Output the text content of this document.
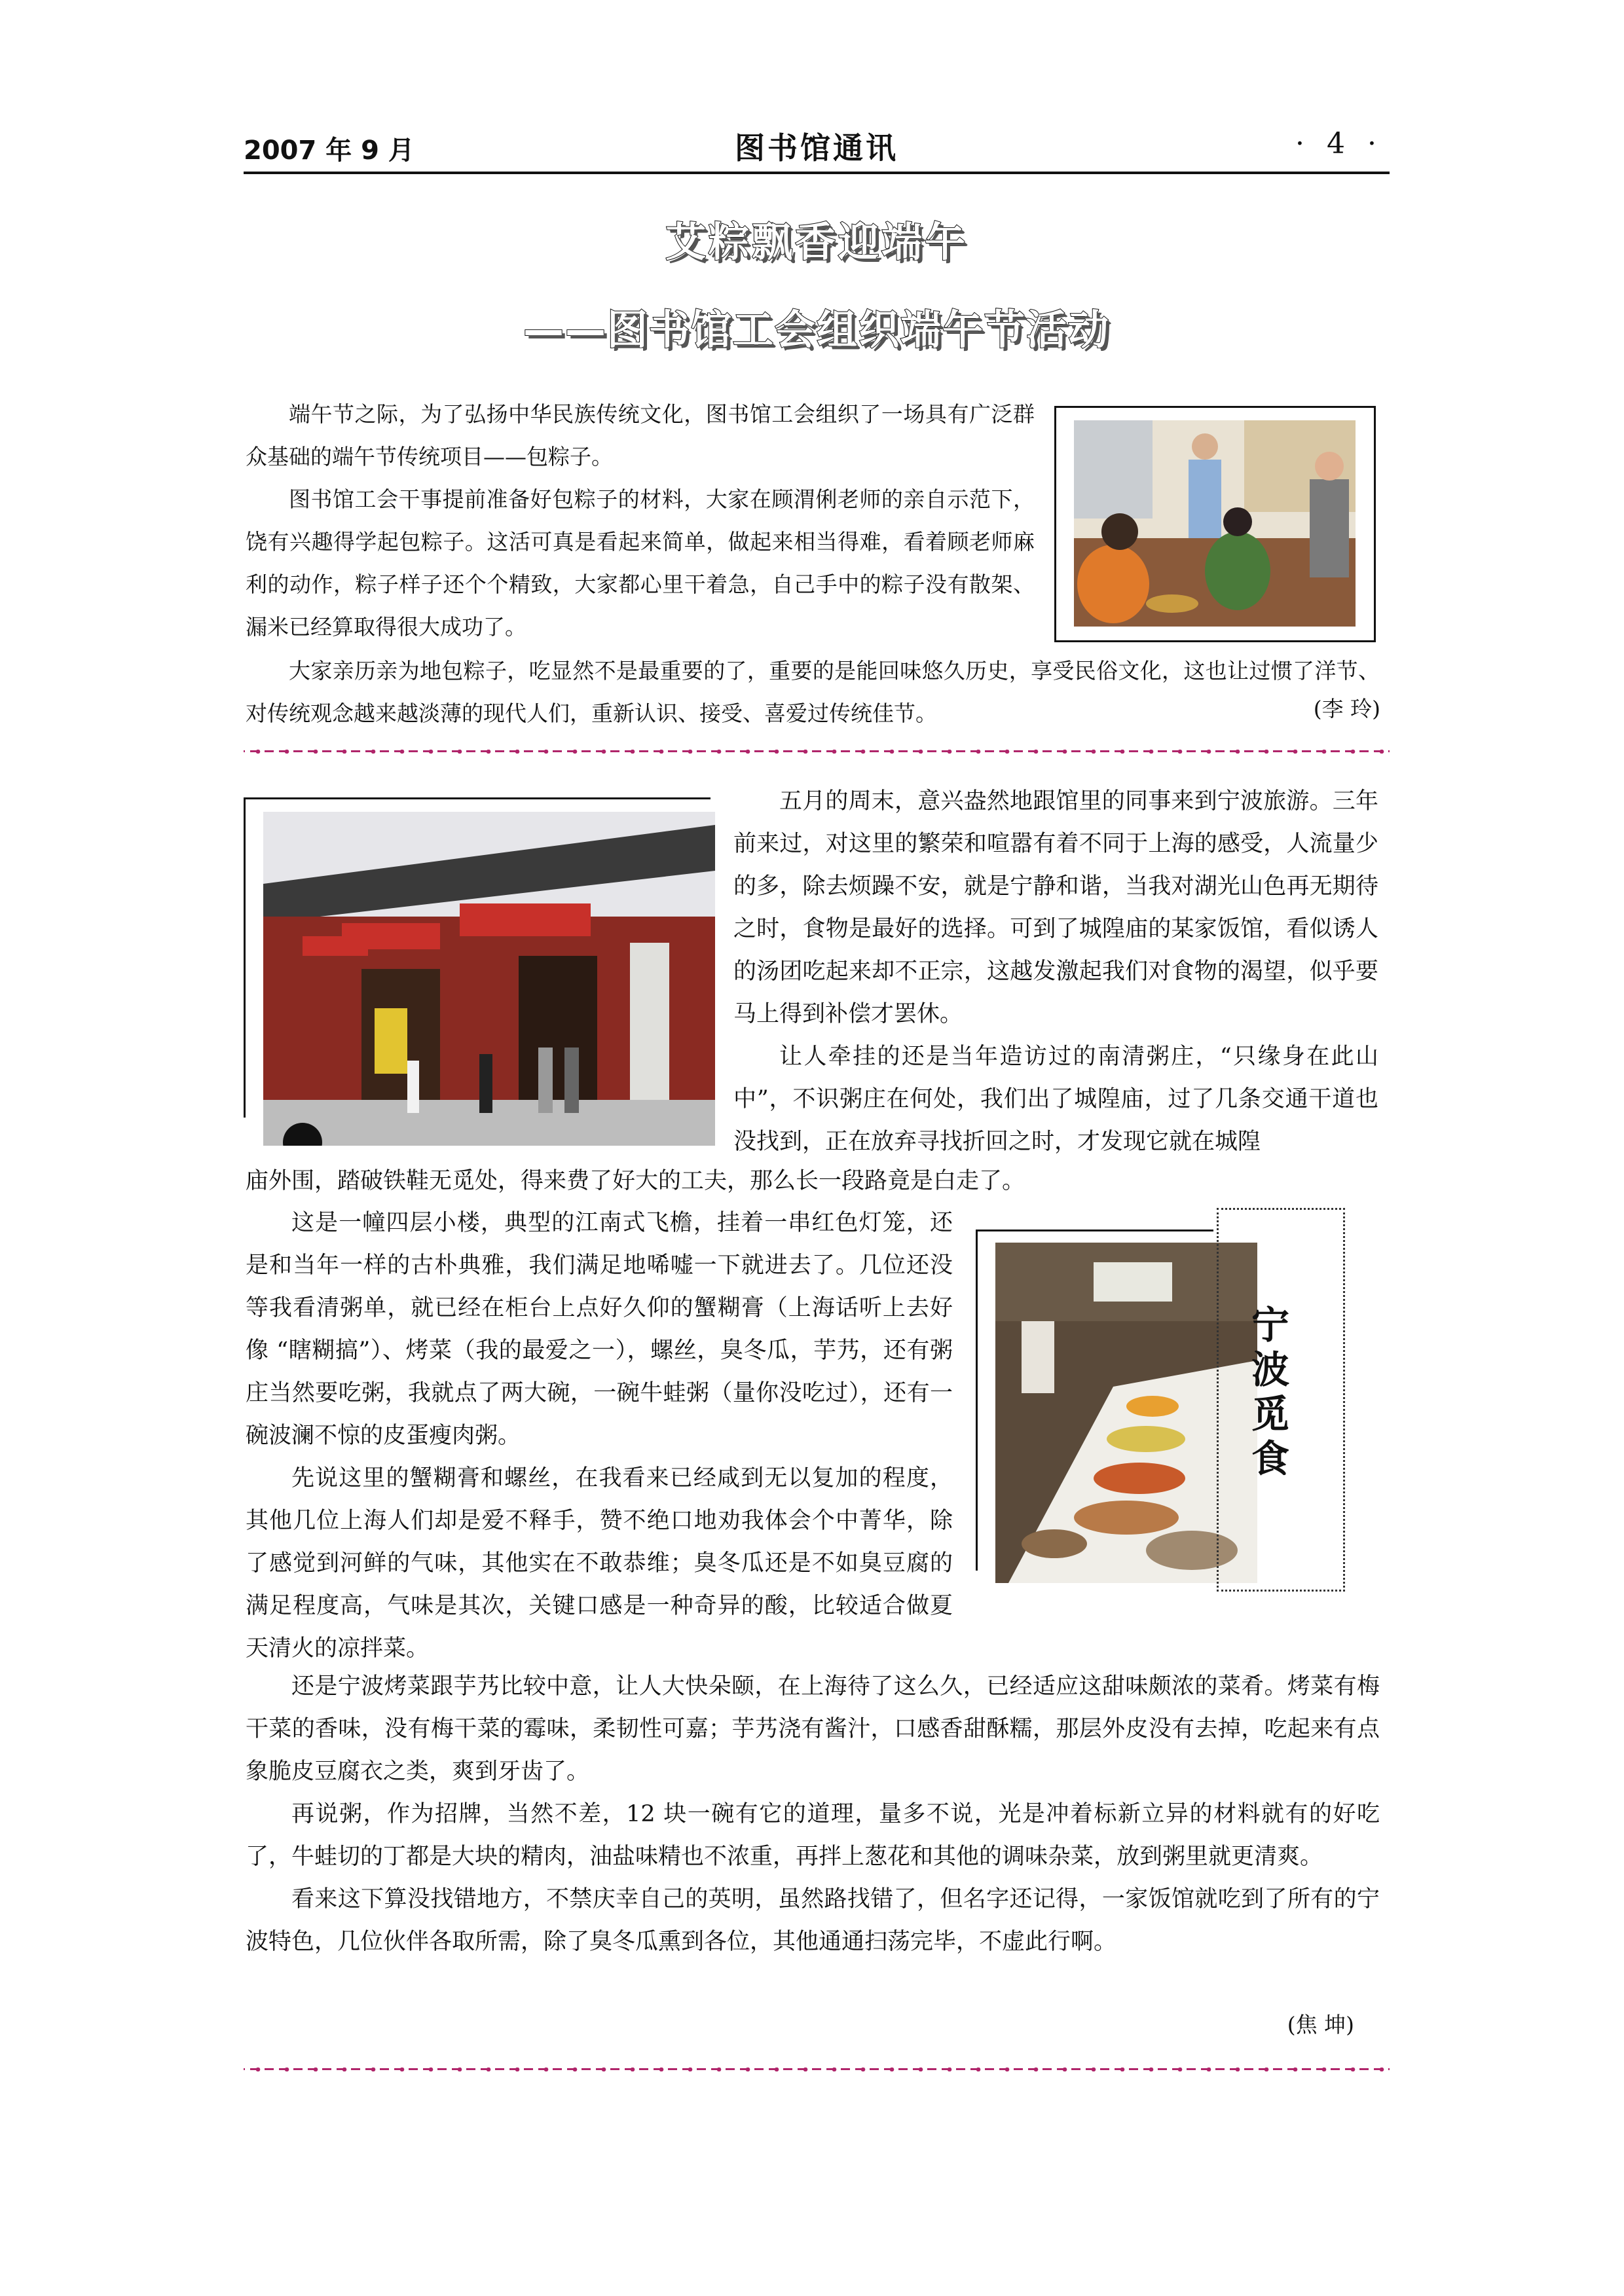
2007 年 9 月	图书馆通讯	· 4 ·
艾粽飘香迎端午
——图书馆工会组织端午节活动

端午节之际，为了弘扬中华民族传统文化，图书馆工会组织了一场具有广泛群众基础的端午节传统项目——包粽子。

图书馆工会干事提前准备好包粽子的材料，大家在顾渭俐老师的亲自示范下，饶有兴趣得学起包粽子。这活可真是看起来简单，做起来相当得难，看着顾老师麻利的动作，粽子样子还个个精致，大家都心里干着急，自己手中的粽子没有散架、漏米已经算取得很大成功了。

大家亲历亲为地包粽子，吃显然不是最重要的了，重要的是能回味悠久历史，享受民俗文化，这也让过惯了洋节、对传统观念越来越淡薄的现代人们，重新认识、接受、喜爱过传统佳节。	(李 玲)

五月的周末，意兴盎然地跟馆里的同事来到宁波旅游。三年前来过，对这里的繁荣和喧嚣有着不同于上海的感受，人流量少的多，除去烦躁不安，就是宁静和谐，当我对湖光山色再无期待之时，食物是最好的选择。可到了城隍庙的某家饭馆，看似诱人的汤团吃起来却不正宗，这越发激起我们对食物的渴望，似乎要马上得到补偿才罢休。

让人牵挂的还是当年造访过的南清粥庄，“只缘身在此山中”，不识粥庄在何处，我们出了城隍庙，过了几条交通干道也没找到，正在放弃寻找折回之时，才发现它就在城隍

庙外围，踏破铁鞋无觅处，得来费了好大的工夫，那么长一段路竟是白走了。

这是一幢四层小楼，典型的江南式飞檐，挂着一串红色灯笼，还是和当年一样的古朴典雅，我们满足地唏嘘一下就进去了。几位还没等我看清粥单，就已经在柜台上点好久仰的蟹糊膏（上海话听上去好像 “瞎糊搞”）、烤菜（我的最爱之一），螺丝，臭冬瓜，芋艿，还有粥庄当然要吃粥，我就点了两大碗，一碗牛蛙粥（量你没吃过），还有一碗波澜不惊的皮蛋瘦肉粥。

先说这里的蟹糊膏和螺丝，在我看来已经咸到无以复加的程度，其他几位上海人们却是爱不释手，赞不绝口地劝我体会个中菁华，除了感觉到河鲜的气味，其他实在不敢恭维；臭冬瓜还是不如臭豆腐的满足程度高，气味是其次，关键口感是一种奇异的酸，比较适合做夏天清火的凉拌菜。

宁波觅食

还是宁波烤菜跟芋艿比较中意，让人大快朵颐，在上海待了这么久，已经适应这甜味颇浓的菜肴。烤菜有梅干菜的香味，没有梅干菜的霉味，柔韧性可嘉；芋艿浇有酱汁，口感香甜酥糯，那层外皮没有去掉，吃起来有点象脆皮豆腐衣之类，爽到牙齿了。

再说粥，作为招牌，当然不差，12 块一碗有它的道理，量多不说，光是冲着标新立异的材料就有的好吃了，牛蛙切的丁都是大块的精肉，油盐味精也不浓重，再拌上葱花和其他的调味杂菜，放到粥里就更清爽。

看来这下算没找错地方，不禁庆幸自己的英明，虽然路找错了，但名字还记得，一家饭馆就吃到了所有的宁波特色，几位伙伴各取所需，除了臭冬瓜熏到各位，其他通通扫荡完毕，不虚此行啊。

(焦 坤)
